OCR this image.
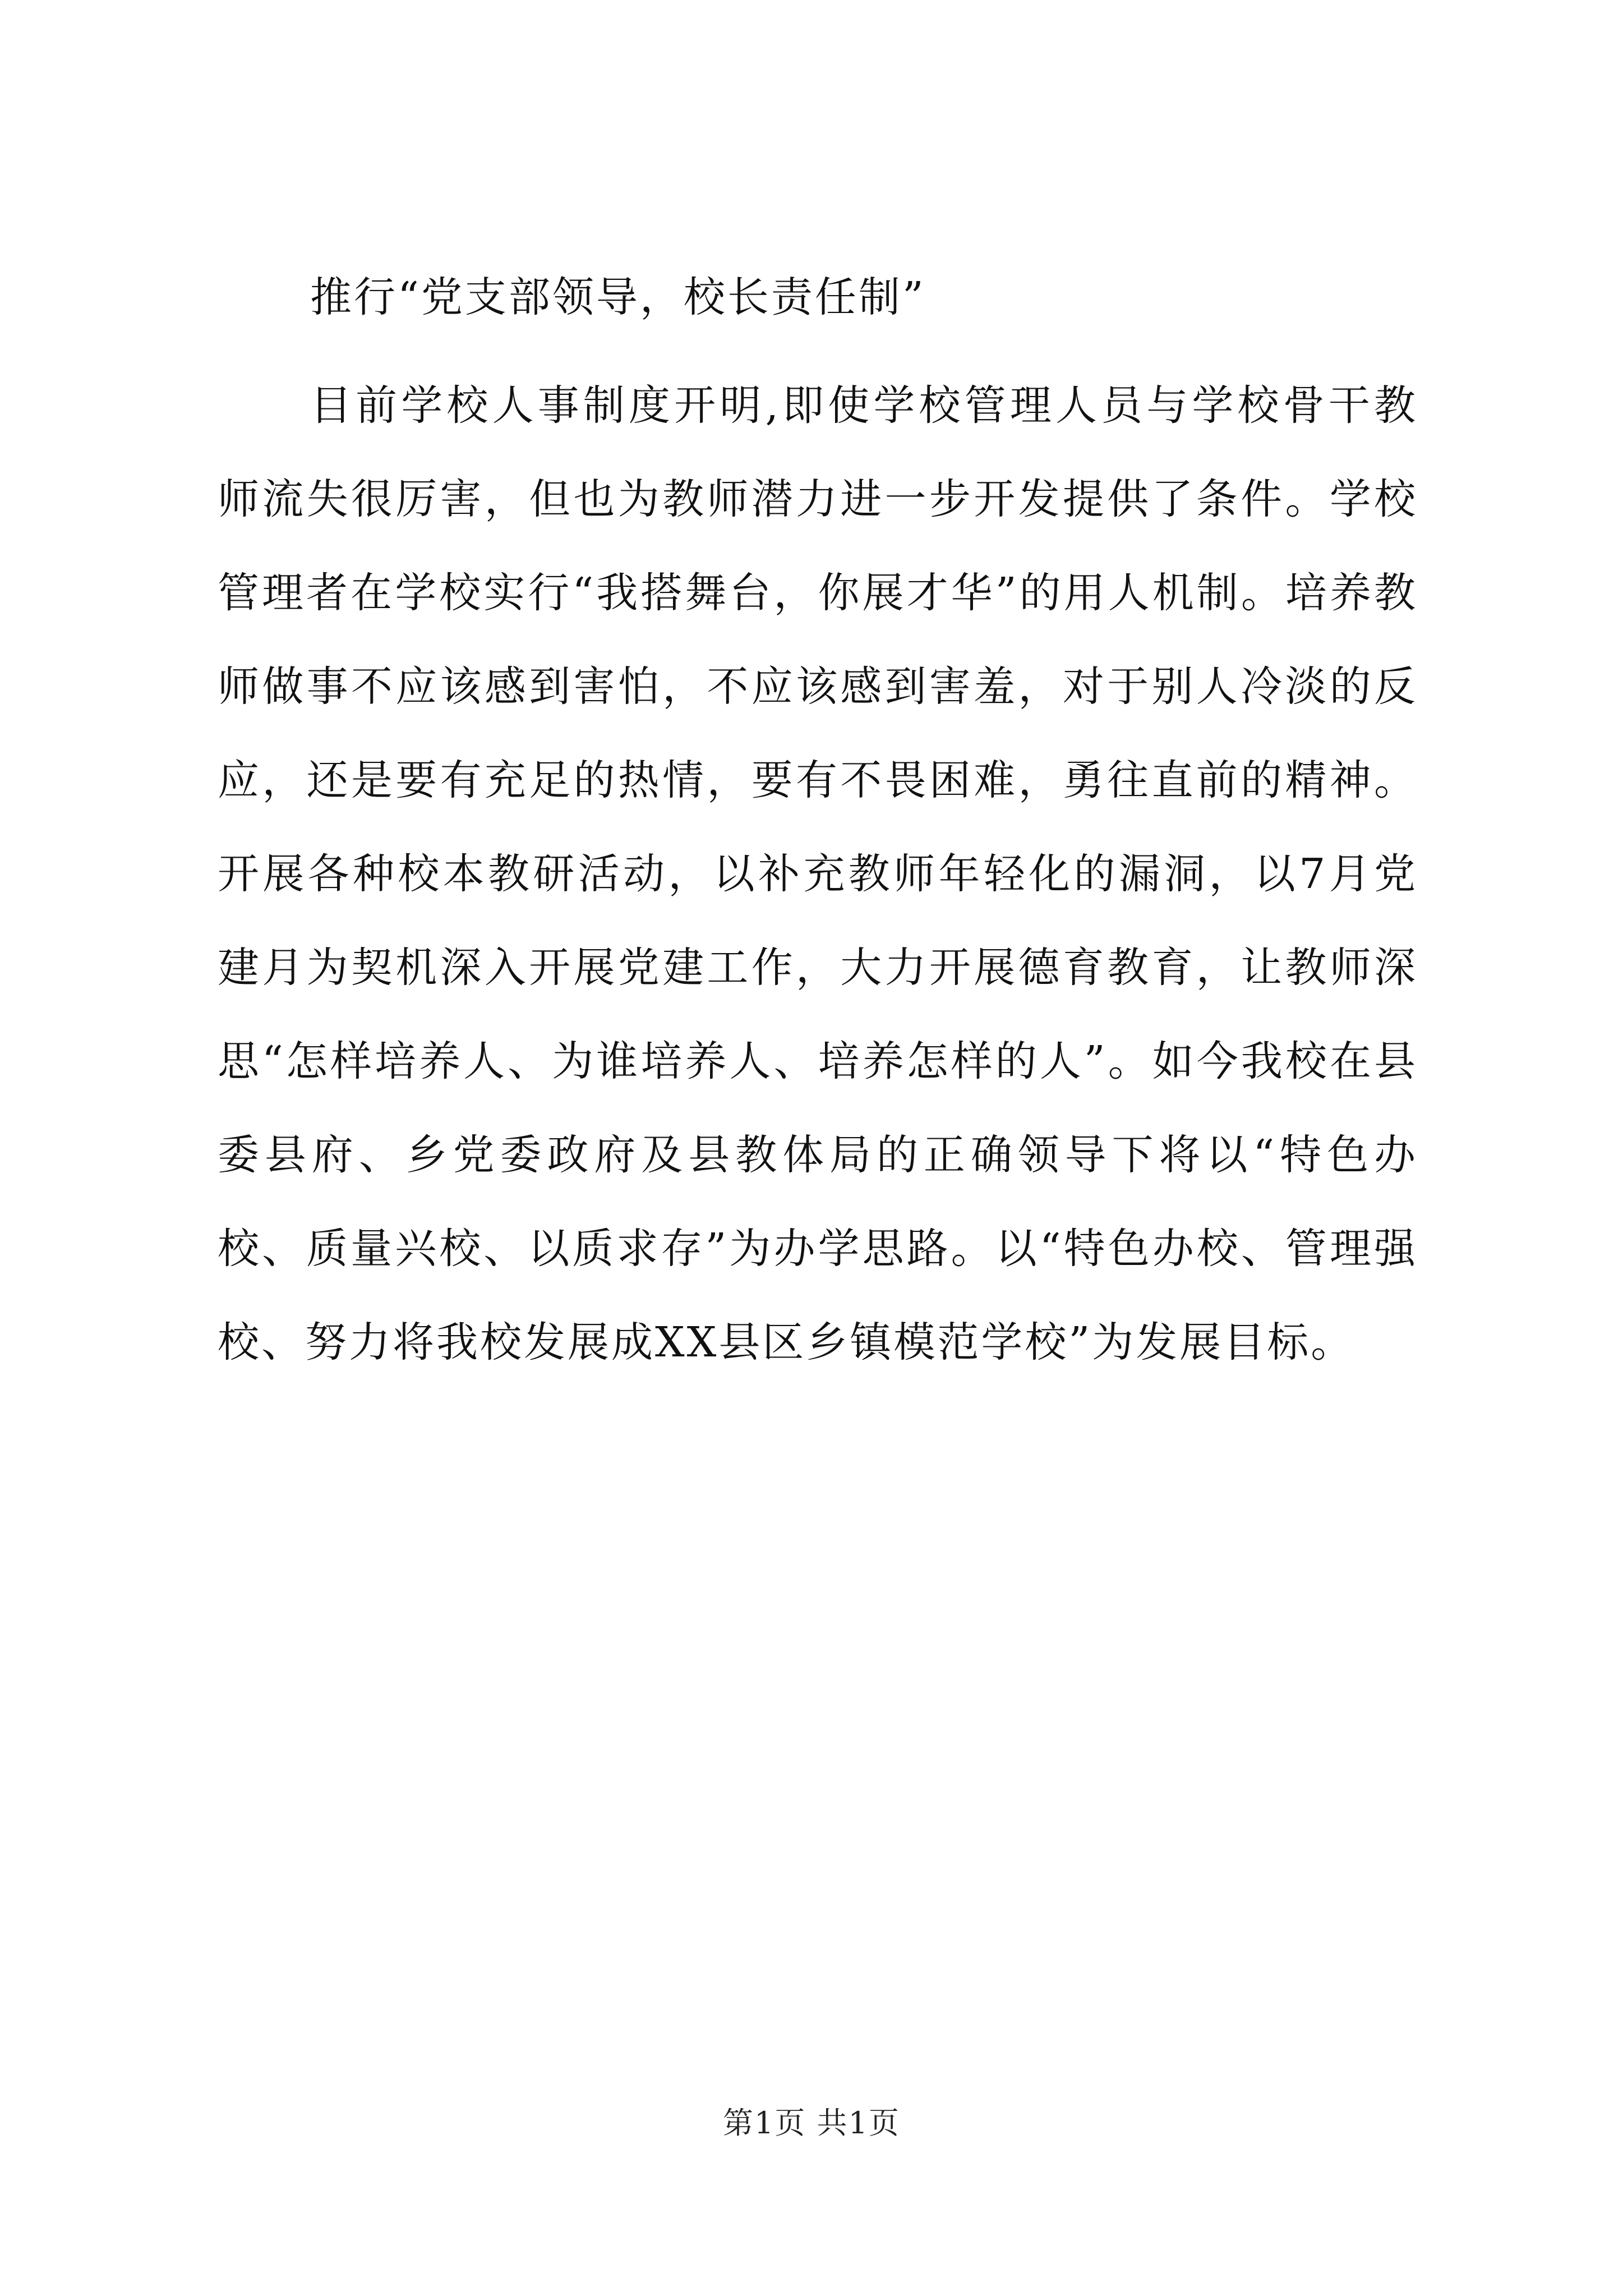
推行“党支部领导，校长责任制”

目前学校人事制度开明,即使学校管理人员与学校骨干教师流失很厉害，但也为教师潜力进一步开发提供了条件。学校管理者在学校实行“我搭舞台，你展才华”的用人机制。培养教师做事不应该感到害怕，不应该感到害羞，对于别人冷淡的反应，还是要有充足的热情，要有不畏困难，勇往直前的精神。开展各种校本教研活动，以补充教师年轻化的漏洞，以7月党建月为契机深入开展党建工作，大力开展德育教育，让教师深思“怎样培养人、为谁培养人、培养怎样的人”。如今我校在县委县府、乡党委政府及县教体局的正确领导下将以“特色办校、质量兴校、以质求存”为办学思路。以“特色办校、管理强校、努力将我校发展成XX县区乡镇模范学校”为发展目标。

第1页 共1页
